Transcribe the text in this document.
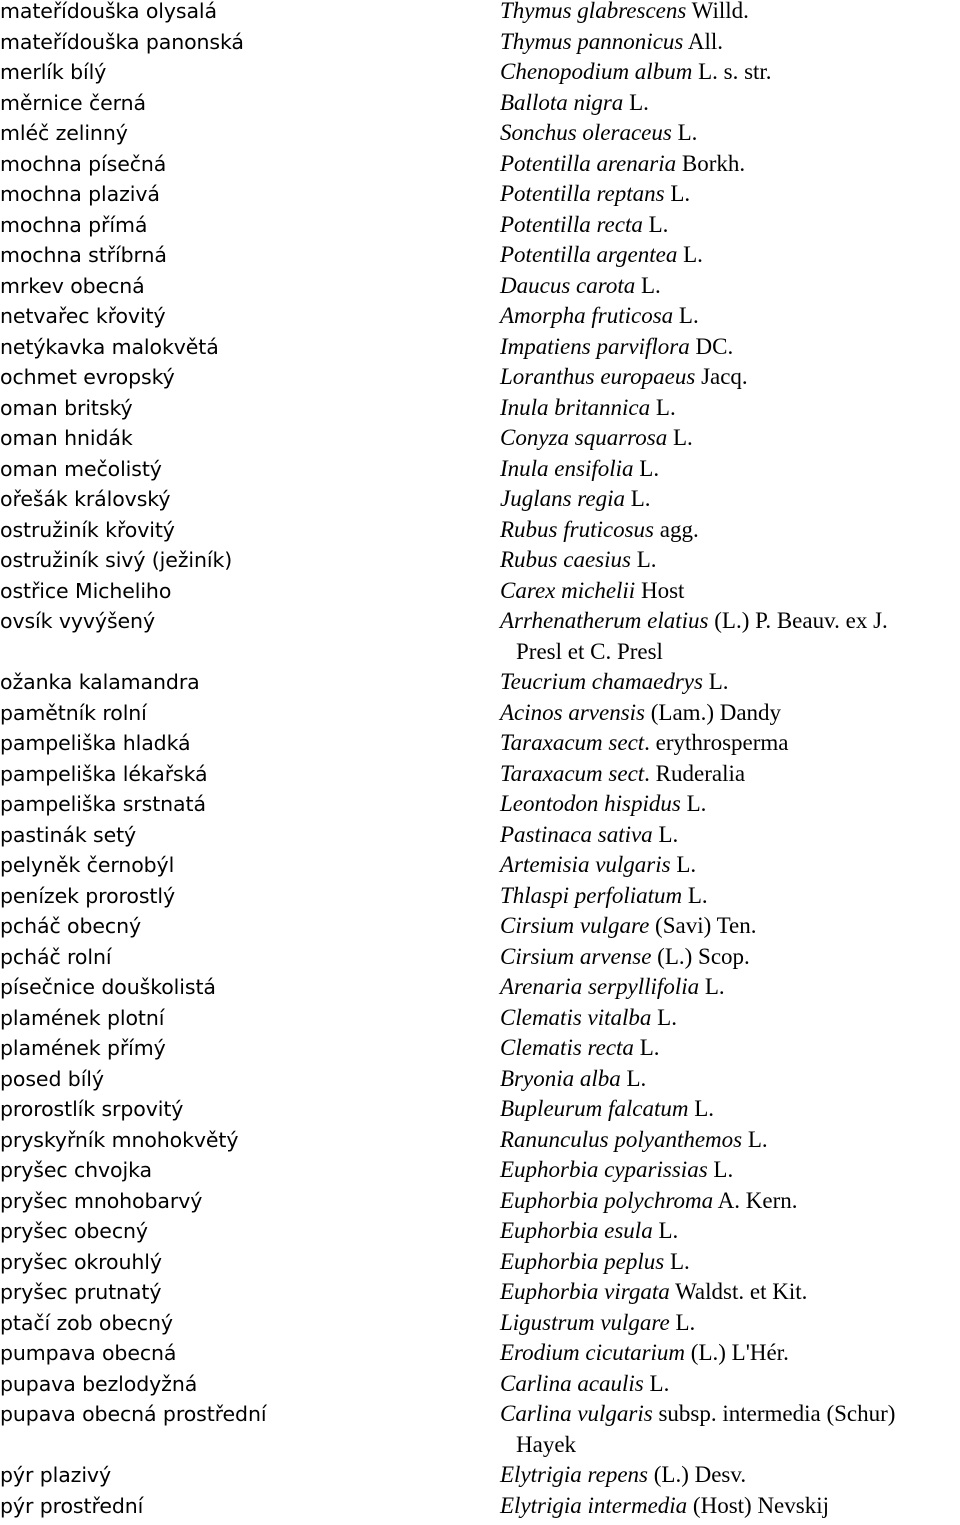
mateřídouška olysalá	Thymus glabrescens Willd.
mateřídouška panonská	Thymus pannonicus All.
merlík bílý	Chenopodium album L. s. str.
měrnice černá	Ballota nigra L.
mléč zelinný	Sonchus oleraceus L.
mochna písečná	Potentilla arenaria Borkh.
mochna plazivá	Potentilla reptans L.
mochna přímá	Potentilla recta L.
mochna stříbrná	Potentilla argentea L.
mrkev obecná	Daucus carota L.
netvařec křovitý	Amorpha fruticosa L.
netýkavka malokvětá	Impatiens parviflora DC.
ochmet evropský	Loranthus europaeus Jacq.
oman britský	Inula britannica L.
oman hnidák	Conyza squarrosa L.
oman mečolistý	Inula ensifolia L.
ořešák královský	Juglans regia L.
ostružiník křovitý	Rubus fruticosus agg.
ostružiník sivý (ježiník)	Rubus caesius L.
ostřice Micheliho	Carex michelii Host
ovsík vyvýšený	Arrhenatherum elatius (L.) P. Beauv. ex J.
Presl et C. Presl
ožanka kalamandra	Teucrium chamaedrys L.
pamětník rolní	Acinos arvensis (Lam.) Dandy
pampeliška hladká	Taraxacum sect. erythrosperma
pampeliška lékařská	Taraxacum sect. Ruderalia
pampeliška srstnatá	Leontodon hispidus L.
pastinák setý	Pastinaca sativa L.
pelyněk černobýl	Artemisia vulgaris L.
penízek prorostlý	Thlaspi perfoliatum L.
pcháč obecný	Cirsium vulgare (Savi) Ten.
pcháč rolní	Cirsium arvense (L.) Scop.
písečnice douškolistá	Arenaria serpyllifolia L.
plamének plotní	Clematis vitalba L.
plamének přímý	Clematis recta L.
posed bílý	Bryonia alba L.
prorostlík srpovitý	Bupleurum falcatum L.
pryskyřník mnohokvětý	Ranunculus polyanthemos L.
pryšec chvojka	Euphorbia cyparissias L.
pryšec mnohobarvý	Euphorbia polychroma A. Kern.
pryšec obecný	Euphorbia esula L.
pryšec okrouhlý	Euphorbia peplus L.
pryšec prutnatý	Euphorbia virgata Waldst. et Kit.
ptačí zob obecný	Ligustrum vulgare L.
pumpava obecná	Erodium cicutarium (L.) L'Hér.
pupava bezlodyžná	Carlina acaulis L.
pupava obecná prostřední	Carlina vulgaris subsp. intermedia (Schur)
Hayek
pýr plazivý	Elytrigia repens (L.) Desv.
pýr prostřední	Elytrigia intermedia (Host) Nevskij
